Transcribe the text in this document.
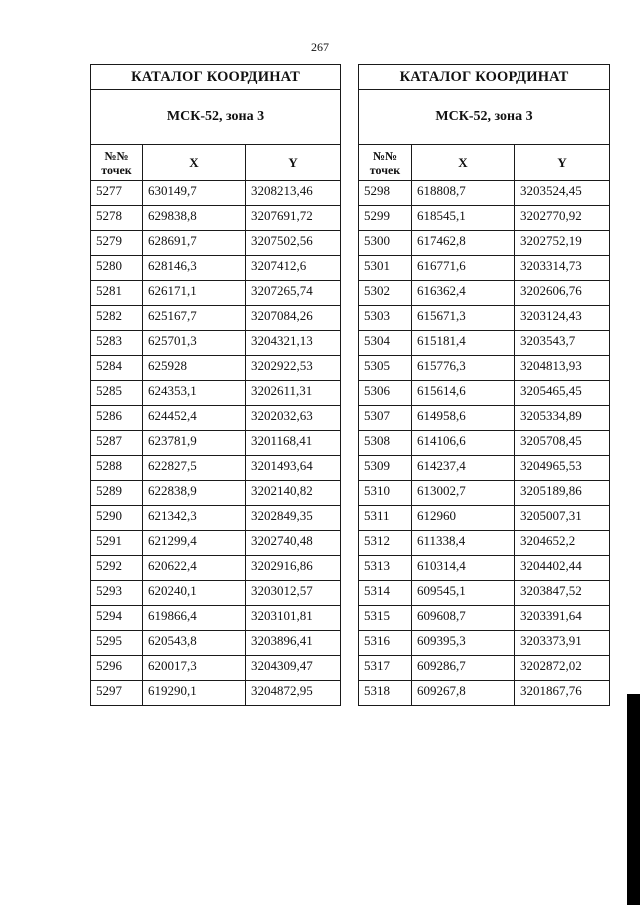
267
КАТАЛОГ КООРДИНАТ		
МСК-52, зона 3		
№№ точек	X	Y
5277	630149,7	3208213,46
5278	629838,8	3207691,72
5279	628691,7	3207502,56
5280	628146,3	3207412,6
5281	626171,1	3207265,74
5282	625167,7	3207084,26
5283	625701,3	3204321,13
5284	625928	3202922,53
5285	624353,1	3202611,31
5286	624452,4	3202032,63
5287	623781,9	3201168,41
5288	622827,5	3201493,64
5289	622838,9	3202140,82
5290	621342,3	3202849,35
5291	621299,4	3202740,48
5292	620622,4	3202916,86
5293	620240,1	3203012,57
5294	619866,4	3203101,81
5295	620543,8	3203896,41
5296	620017,3	3204309,47
5297	619290,1	3204872,95
КАТАЛОГ КООРДИНАТ		
МСК-52, зона 3		
№№ точек	X	Y
5298	618808,7	3203524,45
5299	618545,1	3202770,92
5300	617462,8	3202752,19
5301	616771,6	3203314,73
5302	616362,4	3202606,76
5303	615671,3	3203124,43
5304	615181,4	3203543,7
5305	615776,3	3204813,93
5306	615614,6	3205465,45
5307	614958,6	3205334,89
5308	614106,6	3205708,45
5309	614237,4	3204965,53
5310	613002,7	3205189,86
5311	612960	3205007,31
5312	611338,4	3204652,2
5313	610314,4	3204402,44
5314	609545,1	3203847,52
5315	609608,7	3203391,64
5316	609395,3	3203373,91
5317	609286,7	3202872,02
5318	609267,8	3201867,76
